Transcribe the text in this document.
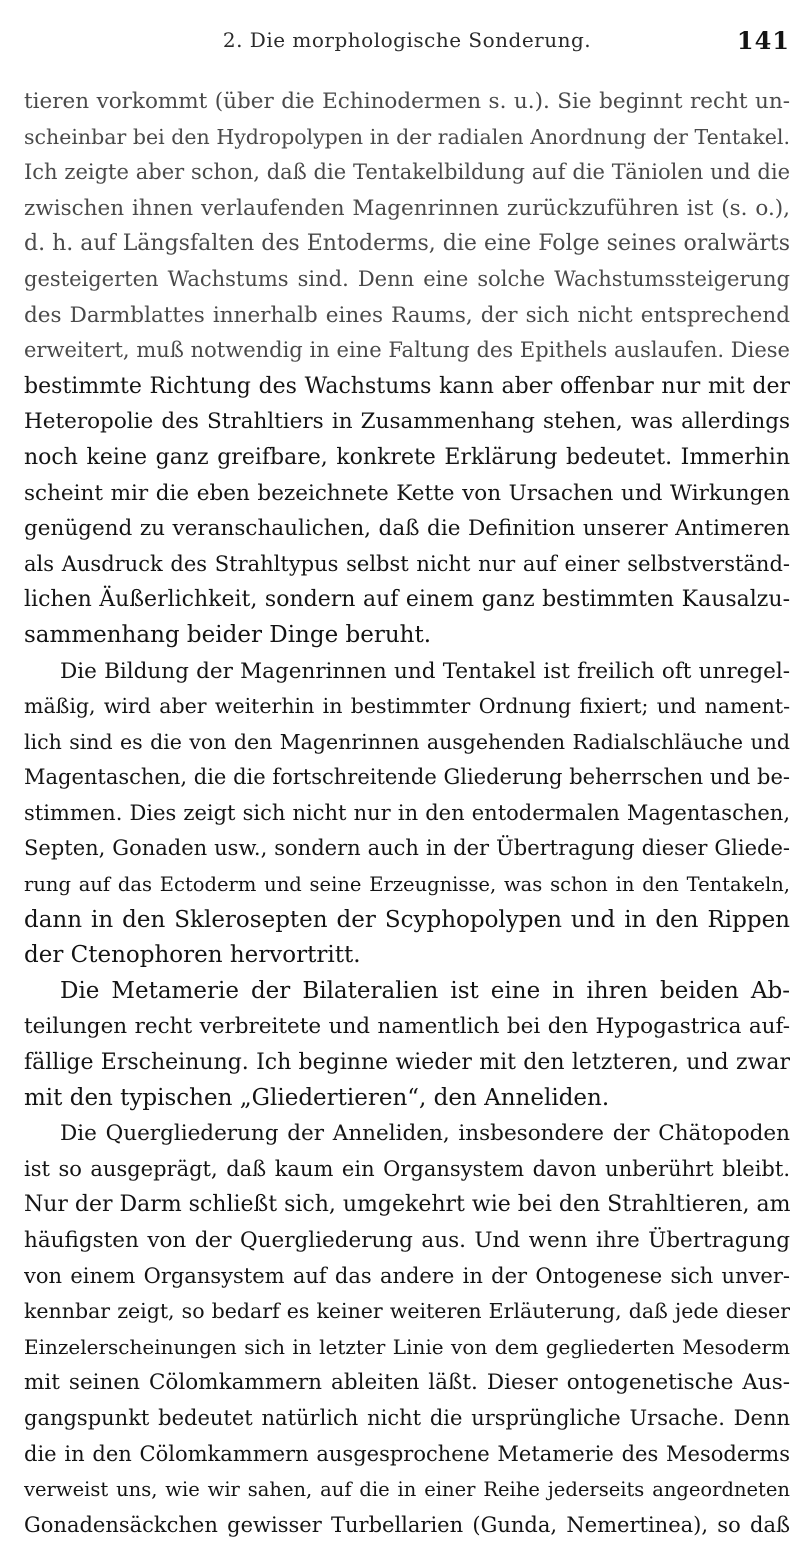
2. Die morphologische Sonderung.	141
tieren vorkommt (über die Echinodermen s. u.). Sie beginnt recht un-
scheinbar bei den Hydropolypen in der radialen Anordnung der Tentakel.
Ich zeigte aber schon, daß die Tentakelbildung auf die Täniolen und die
zwischen ihnen verlaufenden Magenrinnen zurückzuführen ist (s. o.),
d. h. auf Längsfalten des Entoderms, die eine Folge seines oralwärts
gesteigerten Wachstums sind. Denn eine solche Wachstumssteigerung
des Darmblattes innerhalb eines Raums, der sich nicht entsprechend
erweitert, muß notwendig in eine Faltung des Epithels auslaufen. Diese
bestimmte Richtung des Wachstums kann aber offenbar nur mit der
Heteropolie des Strahltiers in Zusammenhang stehen, was allerdings
noch keine ganz greifbare, konkrete Erklärung bedeutet. Immerhin
scheint mir die eben bezeichnete Kette von Ursachen und Wirkungen
genügend zu veranschaulichen, daß die Definition unserer Antimeren
als Ausdruck des Strahltypus selbst nicht nur auf einer selbstverständ-
lichen Äußerlichkeit, sondern auf einem ganz bestimmten Kausalzu-
sammenhang beider Dinge beruht.
Die Bildung der Magenrinnen und Tentakel ist freilich oft unregel-
mäßig, wird aber weiterhin in bestimmter Ordnung fixiert; und nament-
lich sind es die von den Magenrinnen ausgehenden Radialschläuche und
Magentaschen, die die fortschreitende Gliederung beherrschen und be-
stimmen. Dies zeigt sich nicht nur in den entodermalen Magentaschen,
Septen, Gonaden usw., sondern auch in der Übertragung dieser Gliede-
rung auf das Ectoderm und seine Erzeugnisse, was schon in den Tentakeln,
dann in den Sklerosepten der Scyphopolypen und in den Rippen
der Ctenophoren hervortritt.
Die Metamerie der Bilateralien ist eine in ihren beiden Ab-
teilungen recht verbreitete und namentlich bei den Hypogastrica auf-
fällige Erscheinung. Ich beginne wieder mit den letzteren, und zwar
mit den typischen „Gliedertieren“, den Anneliden.
Die Quergliederung der Anneliden, insbesondere der Chätopoden
ist so ausgeprägt, daß kaum ein Organsystem davon unberührt bleibt.
Nur der Darm schließt sich, umgekehrt wie bei den Strahltieren, am
häufigsten von der Quergliederung aus. Und wenn ihre Übertragung
von einem Organsystem auf das andere in der Ontogenese sich unver-
kennbar zeigt, so bedarf es keiner weiteren Erläuterung, daß jede dieser
Einzelerscheinungen sich in letzter Linie von dem gegliederten Mesoderm
mit seinen Cölomkammern ableiten läßt. Dieser ontogenetische Aus-
gangspunkt bedeutet natürlich nicht die ursprüngliche Ursache. Denn
die in den Cölomkammern ausgesprochene Metamerie des Mesoderms
verweist uns, wie wir sahen, auf die in einer Reihe jederseits angeordneten
Gonadensäckchen gewisser Turbellarien (Gunda, Nemertinea), so daß
